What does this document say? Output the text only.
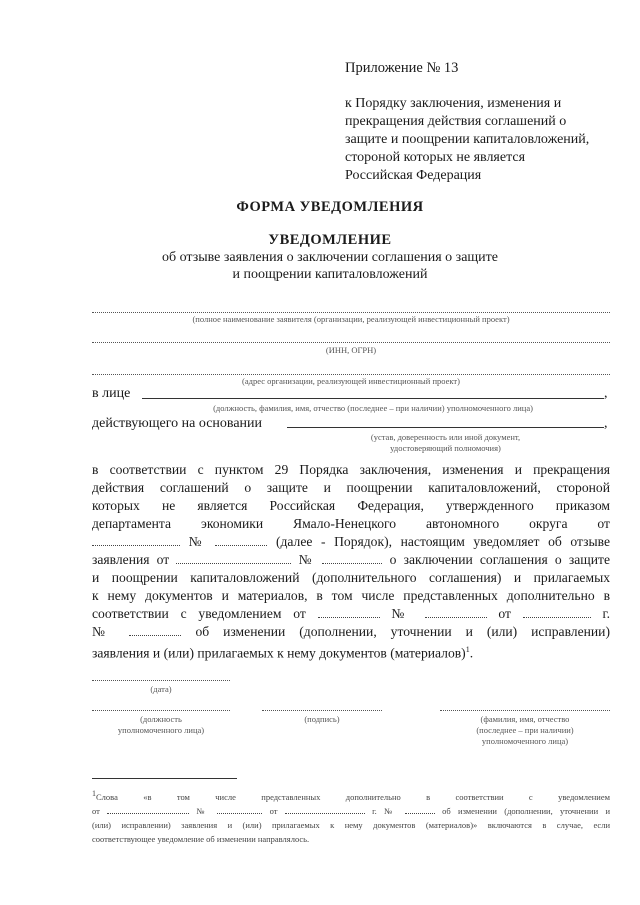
Приложение № 13
к Порядку заключения, изменения и
прекращения действия соглашений о
защите и поощрении капиталовложений,
стороной которых не является
Российская Федерация
ФОРМА УВЕДОМЛЕНИЯ
УВЕДОМЛЕНИЕ
об отзыве заявления о заключении соглашения о защите
и поощрении капиталовложений
(полное наименование заявителя (организации, реализующей инвестиционный проект)
(ИНН, ОГРН)
(адрес организации, реализующей инвестиционный проект)
в лице	,
(должность, фамилия, имя, отчество (последнее – при наличии) уполномоченного лица)
действующего на основании	,
(устав, доверенность или иной документ,
удостоверяющий полномочия)

в соответствии с пунктом 29 Порядка заключения, изменения и прекращения

действия соглашений о защите и поощрении капиталовложений, стороной

которых не является Российская Федерация, утвержденного приказом

департамента экономики Ямало-Ненецкого автономного округа от

№	(далее - Порядок), настоящим уведомляет об отзыве

заявления от	№	о заключении соглашения о защите

и поощрении капиталовложений (дополнительного соглашения) и прилагаемых

к нему документов и материалов, в том числе представленных дополнительно в

соответствии с уведомлением от	№	от	г.

№	об изменении (дополнении, уточнении и (или) исправлении)

заявления и (или) прилагаемых к нему документов (материалов)$^1$.

(дата)
(должность
уполномоченного лица)
(подпись)	(фамилия, имя, отчество
(последнее – при наличии)
уполномоченного лица)

$^1$Слова «в том числе представленных дополнительно в соответствии с уведомлением

от	№	от	г. №	об изменении (дополнении, уточнении и

(или) исправлении) заявления и (или) прилагаемых к нему документов (материалов)» включаются в случае, если

соответствующее уведомление об изменении направлялось.
